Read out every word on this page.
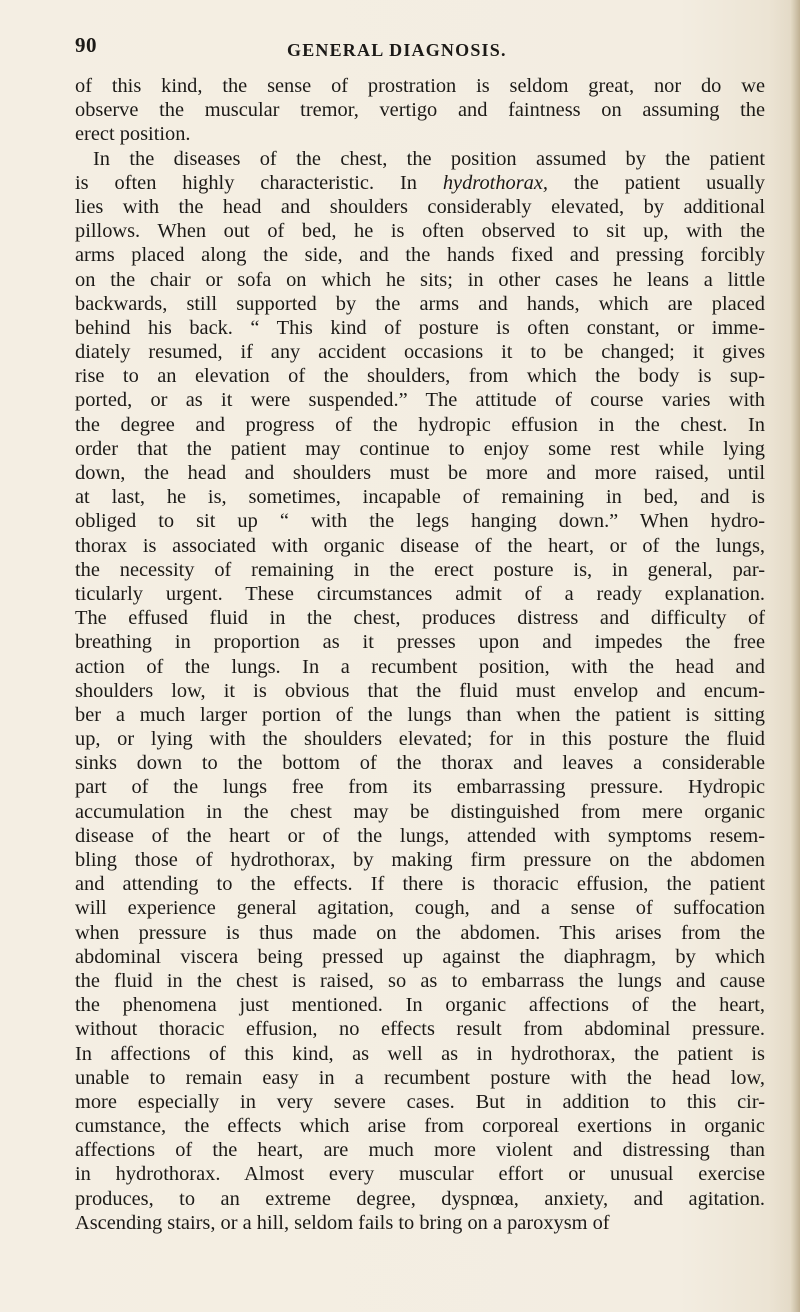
90	GENERAL DIAGNOSIS.
of this kind, the sense of prostration is seldom great, nor do we
observe the muscular tremor, vertigo and faintness on assuming the
erect position.
In the diseases of the chest, the position assumed by the patient
is often highly characteristic. In hydrothorax, the patient usually
lies with the head and shoulders considerably elevated, by additional
pillows. When out of bed, he is often observed to sit up, with the
arms placed along the side, and the hands fixed and pressing forcibly
on the chair or sofa on which he sits; in other cases he leans a little
backwards, still supported by the arms and hands, which are placed
behind his back. “ This kind of posture is often constant, or imme-
diately resumed, if any accident occasions it to be changed; it gives
rise to an elevation of the shoulders, from which the body is sup-
ported, or as it were suspended.” The attitude of course varies with
the degree and progress of the hydropic effusion in the chest. In
order that the patient may continue to enjoy some rest while lying
down, the head and shoulders must be more and more raised, until
at last, he is, sometimes, incapable of remaining in bed, and is
obliged to sit up “ with the legs hanging down.” When hydro-
thorax is associated with organic disease of the heart, or of the lungs,
the necessity of remaining in the erect posture is, in general, par-
ticularly urgent. These circumstances admit of a ready explanation.
The effused fluid in the chest, produces distress and difficulty of
breathing in proportion as it presses upon and impedes the free
action of the lungs. In a recumbent position, with the head and
shoulders low, it is obvious that the fluid must envelop and encum-
ber a much larger portion of the lungs than when the patient is sitting
up, or lying with the shoulders elevated; for in this posture the fluid
sinks down to the bottom of the thorax and leaves a considerable
part of the lungs free from its embarrassing pressure. Hydropic
accumulation in the chest may be distinguished from mere organic
disease of the heart or of the lungs, attended with symptoms resem-
bling those of hydrothorax, by making firm pressure on the abdomen
and attending to the effects. If there is thoracic effusion, the patient
will experience general agitation, cough, and a sense of suffocation
when pressure is thus made on the abdomen. This arises from the
abdominal viscera being pressed up against the diaphragm, by which
the fluid in the chest is raised, so as to embarrass the lungs and cause
the phenomena just mentioned. In organic affections of the heart,
without thoracic effusion, no effects result from abdominal pressure.
In affections of this kind, as well as in hydrothorax, the patient is
unable to remain easy in a recumbent posture with the head low,
more especially in very severe cases. But in addition to this cir-
cumstance, the effects which arise from corporeal exertions in organic
affections of the heart, are much more violent and distressing than
in hydrothorax. Almost every muscular effort or unusual exercise
produces, to an extreme degree, dyspnœa, anxiety, and agitation.
Ascending stairs, or a hill, seldom fails to bring on a paroxysm of
